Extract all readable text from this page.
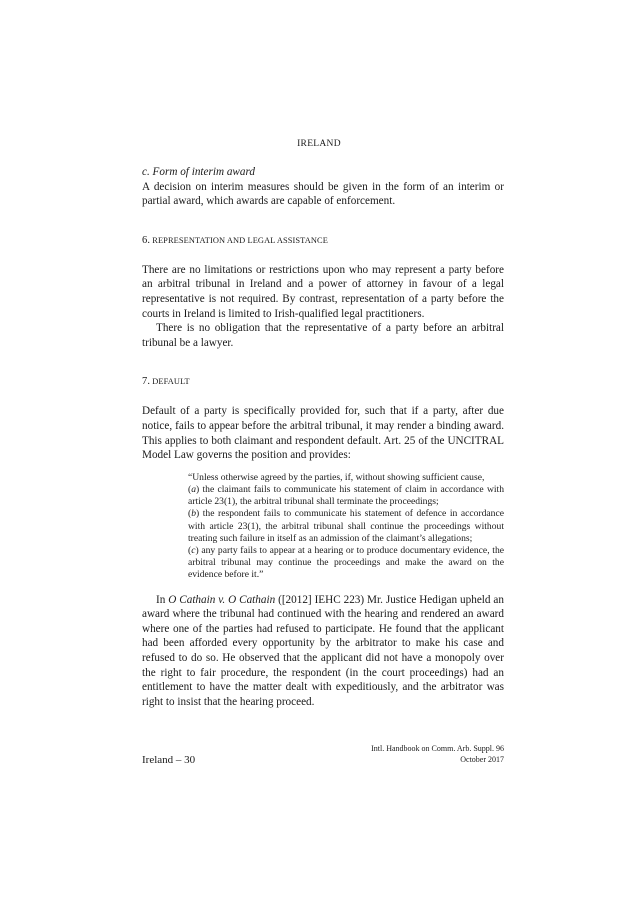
IRELAND
c. Form of interim award

A decision on interim measures should be given in the form of an interim or partial award, which awards are capable of enforcement.

6. REPRESENTATION AND LEGAL ASSISTANCE

There are no limitations or restrictions upon who may represent a party before an arbitral tribunal in Ireland and a power of attorney in favour of a legal representative is not required. By contrast, representation of a party before the courts in Ireland is limited to Irish-qualified legal practitioners.

There is no obligation that the representative of a party before an arbitral tribunal be a lawyer.

7. DEFAULT

Default of a party is specifically provided for, such that if a party, after due notice, fails to appear before the arbitral tribunal, it may render a binding award. This applies to both claimant and respondent default. Art. 25 of the UNCITRAL Model Law governs the position and provides:

“Unless otherwise agreed by the parties, if, without showing sufficient cause,

(a) the claimant fails to communicate his statement of claim in accordance with article 23(1), the arbitral tribunal shall terminate the proceedings;

(b) the respondent fails to communicate his statement of defence in accordance with article 23(1), the arbitral tribunal shall continue the proceedings without treating such failure in itself as an admission of the claimant’s allegations;

(c) any party fails to appear at a hearing or to produce documentary evidence, the arbitral tribunal may continue the proceedings and make the award on the evidence before it.”

In O Cathain v. O Cathain ([2012] IEHC 223) Mr. Justice Hedigan upheld an award where the tribunal had continued with the hearing and rendered an award where one of the parties had refused to participate. He found that the applicant had been afforded every opportunity by the arbitrator to make his case and refused to do so. He observed that the applicant did not have a monopoly over the right to fair procedure, the respondent (in the court proceedings) had an entitlement to have the matter dealt with expeditiously, and the arbitrator was right to insist that the hearing proceed.

Ireland – 30
Intl. Handbook on Comm. Arb. Suppl. 96
October 2017
